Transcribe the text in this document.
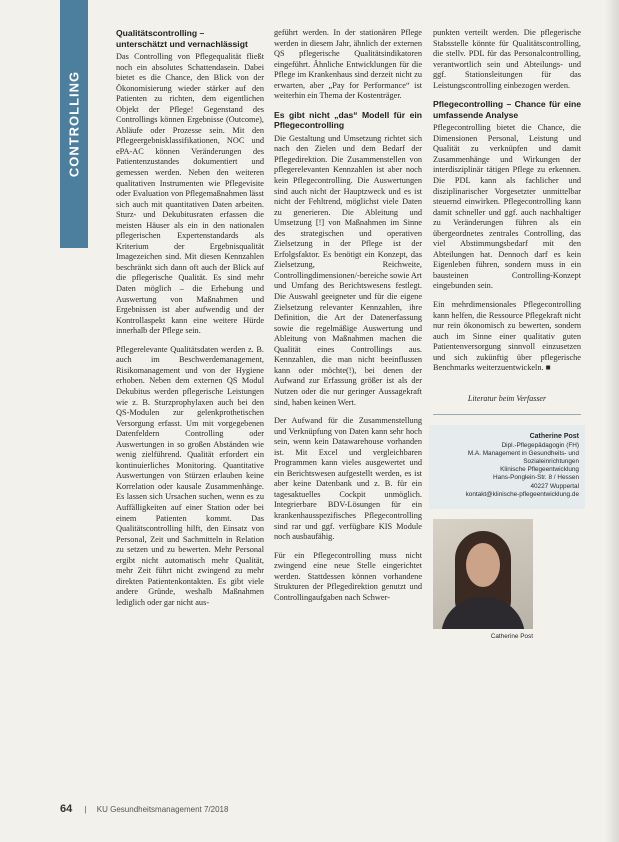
CONTROLLING
Qualitätscontrolling –
unterschätzt und vernachlässigt

Das Controlling von Pflegequalität fließt noch ein absolutes Schattendasein. Dabei bietet es die Chance, den Blick von der Ökonomisierung wieder stärker auf den Patienten zu richten, dem eigentlichen Objekt der Pflege! Gegenstand des Controllings können Ergebnisse (Outcome), Abläufe oder Prozesse sein. Mit den Pflegeergebnisklassifikationen, NOC und ePA-AC können Veränderungen des Patientenzustandes dokumentiert und gemessen werden. Neben den weiteren qualitativen Instrumenten wie Pflegevisite oder Evaluation von Pflegemaßnahmen lässt sich auch mit quantitativen Daten arbeiten. Sturz- und Dekubitusraten erfassen die meisten Häuser als ein in den nationalen pflegerischen Expertenstandards als Kriterium der Ergebnisqualität Imagezeichen sind. Mit diesen Kennzahlen beschränkt sich dann oft auch der Blick auf die pflegerische Qualität. Es sind mehr Daten möglich – die Erhebung und Auswertung von Maßnahmen und Ergebnissen ist aber aufwendig und der Kontrollaspekt kann eine weitere Hürde innerhalb der Pflege sein.

Pflegerelevante Qualitätsdaten werden z. B. auch im Beschwerdemanagement, Risikomanagement und von der Hygiene erhoben. Neben dem externen QS Modul Dekubitus werden pflegerische Leistungen wie z. B. Sturzprophylaxen auch bei den QS-Modulen zur gelenkprothetischen Versorgung erfasst. Um mit vorgegebenen Datenfeldern Controlling oder Auswertungen in so großen Abständen wie wenig zielführend. Qualität erfordert ein kontinuierliches Monitoring. Quantitative Auswertungen von Stürzen erlauben keine Korrelation oder kausale Zusammenhänge. Es lassen sich Ursachen suchen, wenn es zu Auffälligkeiten auf einer Station oder bei einem Patienten kommt. Das Qualitätscontrolling hilft, den Einsatz von Personal, Zeit und Sachmitteln in Relation zu setzen und zu bewerten. Mehr Personal ergibt nicht automatisch mehr Qualität, mehr Zeit führt nicht zwingend zu mehr direkten Patientenkontakten. Es gibt viele andere Gründe, weshalb Maßnahmen lediglich oder gar nicht aus-

geführt werden. In der stationären Pflege werden in diesem Jahr, ähnlich der externen QS pflegerische Qualitätsindikatoren eingeführt. Ähnliche Entwicklungen für die Pflege im Krankenhaus sind derzeit nicht zu erwarten, aber „Pay for Performance“ ist weiterhin ein Thema der Kostenträger.

Es gibt nicht „das“ Modell für ein Pflegecontrolling

Die Gestaltung und Umsetzung richtet sich nach den Zielen und dem Bedarf der Pflegedirektion. Die Zusammenstellen von pflegerelevanten Kennzahlen ist aber noch kein Pflegecontrolling. Die Auswertungen sind auch nicht der Hauptzweck und es ist nicht der Fehltrend, möglichst viele Daten zu generieren. Die Ableitung und Umsetzung [!] von Maßnahmen im Sinne des strategischen und operativen Zielsetzung in der Pflege ist der Erfolgsfaktor. Es benötigt ein Konzept, das Zielsetzung, Reichweite, Controllingdimensionen/-bereiche sowie Art und Umfang des Berichtswesens festlegt. Die Auswahl geeigneter und für die eigene Zielsetzung relevanter Kennzahlen, ihre Definition, die Art der Datenerfassung sowie die regelmäßige Auswertung und Ableitung von Maßnahmen machen die Qualität eines Controllings aus. Kennzahlen, die man nicht beeinflussen kann oder möchte(!), bei denen der Aufwand zur Erfassung größer ist als der Nutzen oder die nur geringer Aussagekraft sind, haben keinen Wert.

Der Aufwand für die Zusammenstellung und Verknüpfung von Daten kann sehr hoch sein, wenn kein Datawarehouse vorhanden ist. Mit Excel und vergleichbaren Programmen kann vieles ausgewertet und ein Berichtswesen aufgestellt werden, es ist aber keine Datenbank und z. B. für ein tagesaktuelles Cockpit unmöglich. Integrierbare BDV-Lösungen für ein krankenhausspezifisches Pflegecontrolling sind rar und ggf. verfügbare KIS Module noch ausbaufähig.

Für ein Pflegecontrolling muss nicht zwingend eine neue Stelle eingerichtet werden. Stattdessen können vorhandene Strukturen der Pflegedirektion genutzt und Controllingaufgaben nach Schwer-

punkten verteilt werden. Die pflegerische Stabsstelle könnte für Qualitätscontrolling, die stellv. PDL für das Personalcontrolling, verantwortlich sein und Abteilungs- und ggf. Stationsleitungen für das Leistungscontrolling einbezogen werden.

Pflegecontrolling – Chance für eine umfassende Analyse

Pflegecontrolling bietet die Chance, die Dimensionen Personal, Leistung und Qualität zu verknüpfen und damit Zusammenhänge und Wirkungen der interdisziplinär tätigen Pflege zu erkennen. Die PDL kann als fachlicher und disziplinarischer Vorgesetzter unmittelbar steuernd einwirken. Pflegecontrolling kann damit schneller und ggf. auch nachhaltiger zu Veränderungen führen als ein übergeordnetes zentrales Controlling, das viel Abstimmungsbedarf mit den Abteilungen hat. Dennoch darf es kein Eigenleben führen, sondern muss in ein bausteinen Controlling-Konzept eingebunden sein.

Ein mehrdimensionales Pflegecontrolling kann helfen, die Ressource Pflegekraft nicht nur rein ökonomisch zu bewerten, sondern auch im Sinne einer qualitativ guten Patientenversorgung sinnvoll einzusetzen und sich zukünftig über pflegerische Benchmarks weiterzuentwickeln. ■

Literatur beim Verfasser
Catherine Post
Dipl.-Pflegepädagogin (FH)
M.A. Management in Gesundheits- und
Sozialeinrichtungen
Klinische Pflegeentwicklung
Hans-Ponglein-Str. 8 / Hessen
40227 Wuppertal
kontakt@klinische-pflegeentwicklung.de
Catherine Post
64 | KU Gesundheitsmanagement 7/2018
